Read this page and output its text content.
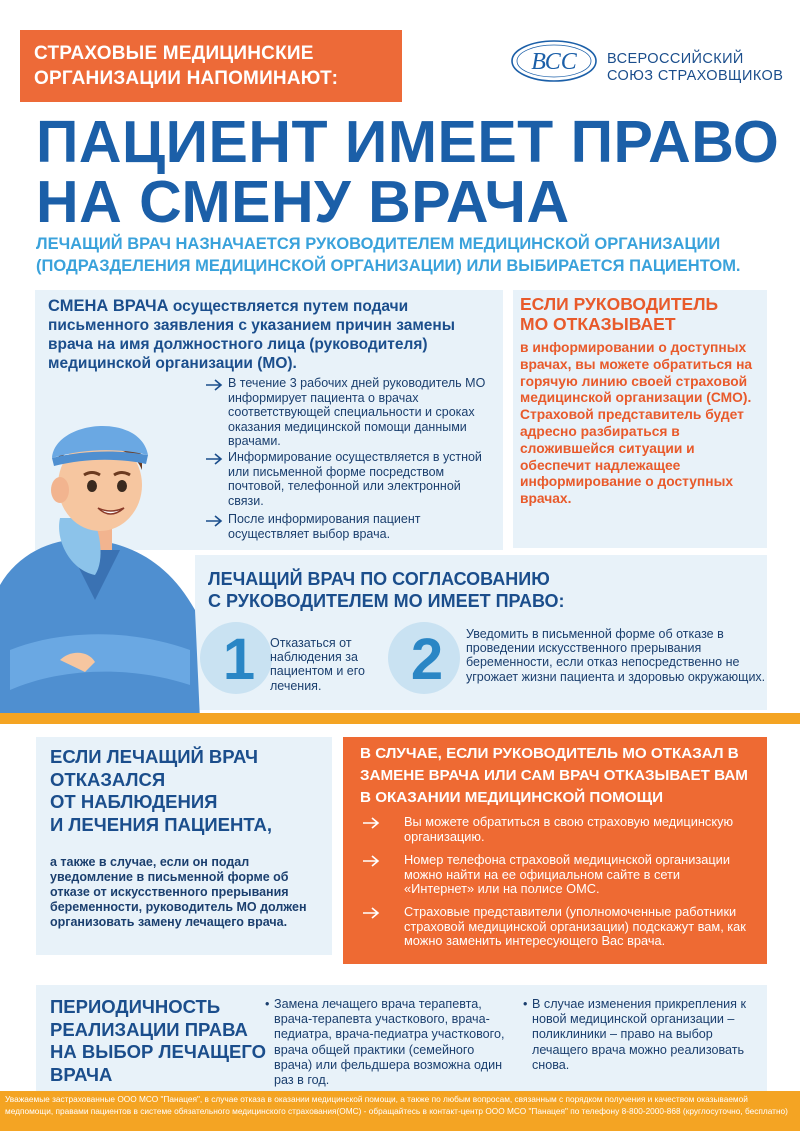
СТРАХОВЫЕ МЕДИЦИНСКИЕ
ОРГАНИЗАЦИИ НАПОМИНАЮТ:
ВСС ВСЕРОССИЙСКИЙ
СОЮЗ СТРАХОВЩИКОВ
ПАЦИЕНТ ИМЕЕТ ПРАВО
НА СМЕНУ ВРАЧА
ЛЕЧАЩИЙ ВРАЧ НАЗНАЧАЕТСЯ РУКОВОДИТЕЛЕМ МЕДИЦИНСКОЙ ОРГАНИЗАЦИИ (ПОДРАЗДЕЛЕНИЯ МЕДИЦИНСКОЙ ОРГАНИЗАЦИИ) ИЛИ ВЫБИРАЕТСЯ ПАЦИЕНТОМ.
СМЕНА ВРАЧА осуществляется путем подачи письменного заявления с указанием причин замены врача на имя должностного лица (руководителя) медицинской организации (МО).
В течение 3 рабочих дней руководитель МО информирует пациента о врачах соответствующей специальности и сроках оказания медицинской помощи данными врачами.
Информирование осуществляется в устной или письменной форме посредством почтовой, телефонной или электронной связи.
После информирования пациент осуществляет выбор врача.
ЕСЛИ РУКОВОДИТЕЛЬ
МО ОТКАЗЫВАЕТ
в информировании о доступных врачах, вы можете обратиться на горячую линию своей страховой медицинской организации (СМО). Страховой представитель будет адресно разбираться в сложившейся ситуации и обеспечит надлежащее информирование о доступных врачах.
ЛЕЧАЩИЙ ВРАЧ ПО СОГЛАСОВАНИЮ
С РУКОВОДИТЕЛЕМ МО ИМЕЕТ ПРАВО:
1	Отказаться от наблюдения за пациентом и его лечения.	2	Уведомить в письменной форме об отказе в проведении искусственного прерывания беременности, если отказ непосредственно не угрожает жизни пациента и здоровью окружающих.
ЕСЛИ ЛЕЧАЩИЙ ВРАЧ
ОТКАЗАЛСЯ
ОТ НАБЛЮДЕНИЯ
И ЛЕЧЕНИЯ ПАЦИЕНТА,
а также в случае, если он подал уведомление в письменной форме об отказе от искусственного прерывания беременности, руководитель МО должен организовать замену лечащего врача.
В СЛУЧАЕ, ЕСЛИ РУКОВОДИТЕЛЬ МО ОТКАЗАЛ В ЗАМЕНЕ ВРАЧА ИЛИ САМ ВРАЧ ОТКАЗЫВАЕТ ВАМ В ОКАЗАНИИ МЕДИЦИНСКОЙ ПОМОЩИ
Вы можете обратиться в свою страховую медицинскую организацию.
Номер телефона страховой медицинской организации можно найти на ее официальном сайте в сети «Интернет» или на полисе ОМС.
Страховые представители (уполномоченные работники страховой медицинской организации) подскажут вам, как можно заменить интересующего Вас врача.
ПЕРИОДИЧНОСТЬ
РЕАЛИЗАЦИИ ПРАВА
НА ВЫБОР ЛЕЧАЩЕГО
ВРАЧА
• Замена лечащего врача терапевта, врача-терапевта участкового, врача-педиатра, врача-педиатра участкового, врача общей практики (семейного врача) или фельдшера возможна один раз в год.
• В случае изменения прикрепления к новой медицинской организации – поликлиники – право на выбор лечащего врача можно реализовать снова.
Уважаемые застрахованные ООО МСО "Панацея", в случае отказа в оказании медицинской помощи, а также по любым вопросам, связанным с порядком получения и качеством оказываемой медпомощи, правами пациентов в системе обязательного медицинского страхования(ОМС) - обращайтесь в контакт-центр ООО МСО "Панацея" по телефону 8-800-2000-868 (круглосуточно, бесплатно)
